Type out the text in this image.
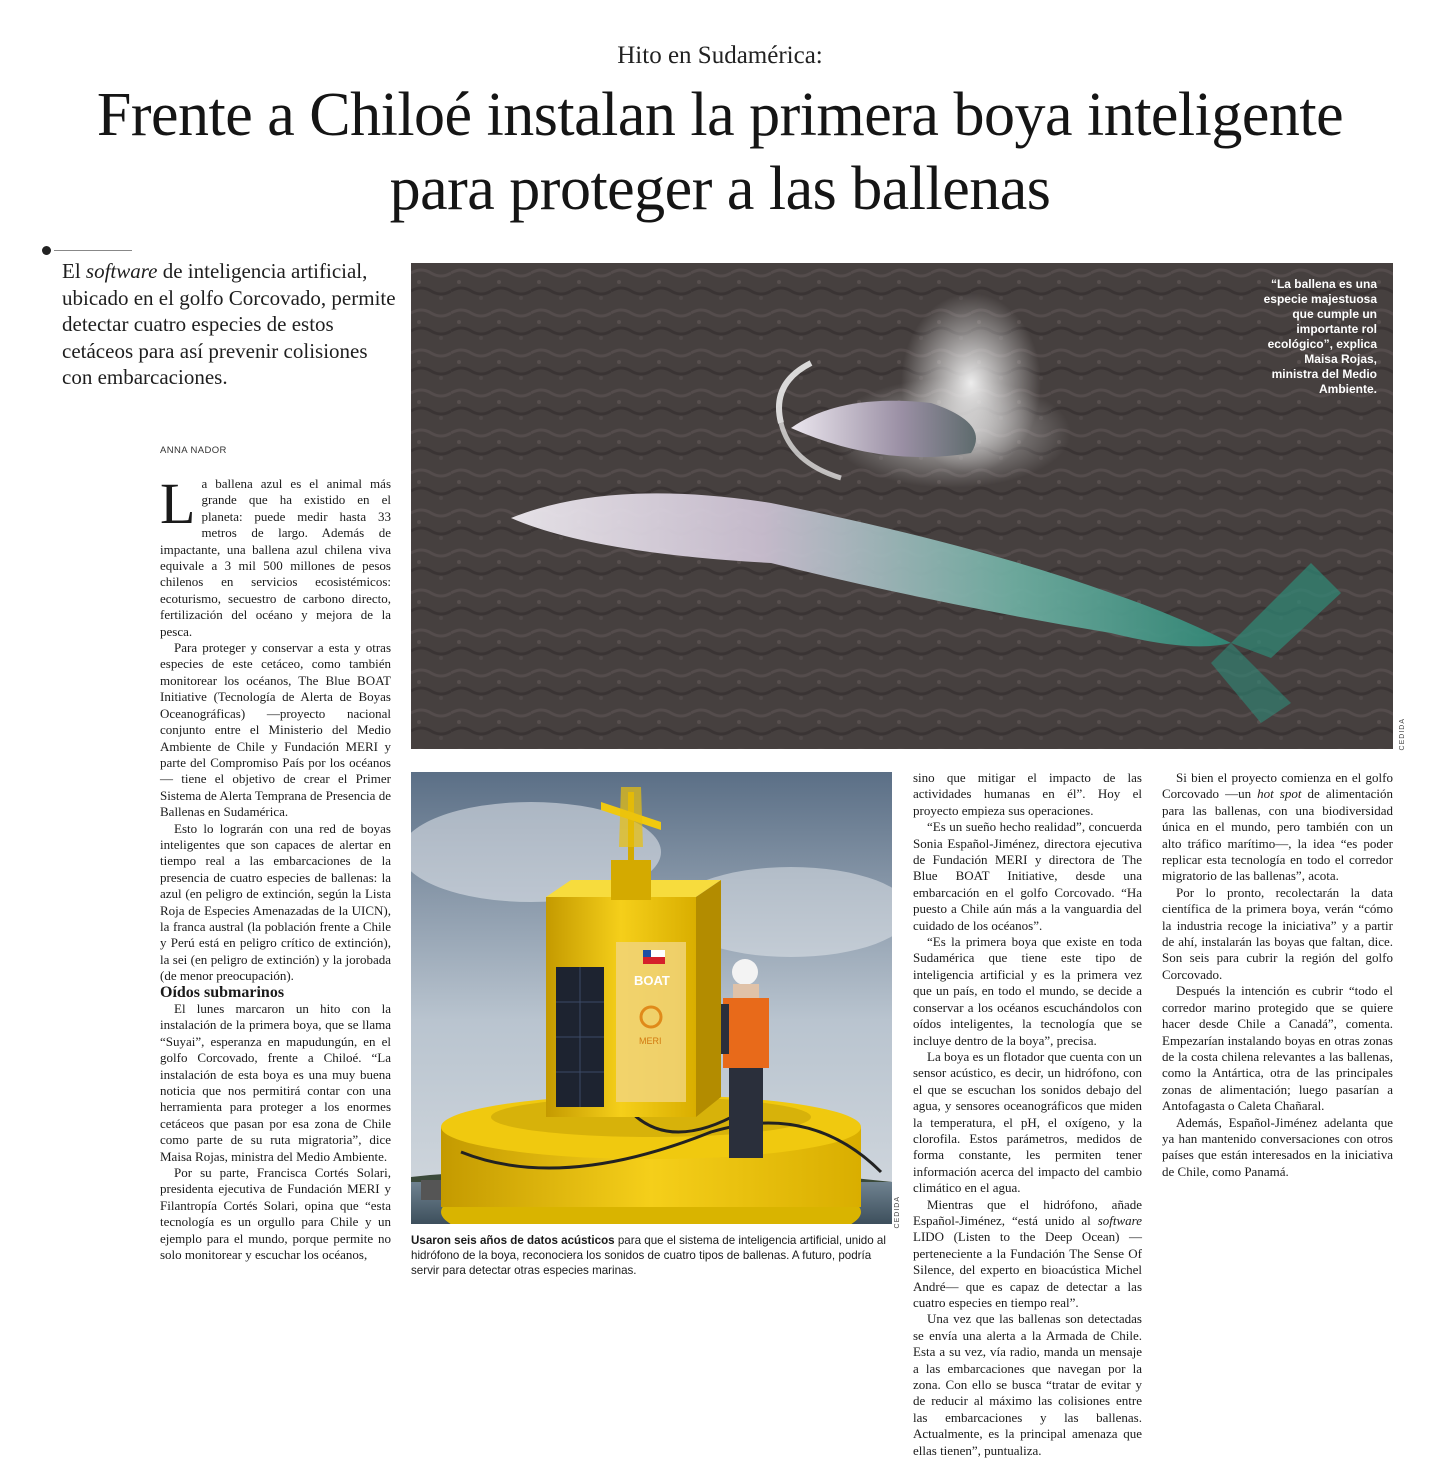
Hito en Sudamérica:
Frente a Chiloé instalan la primera boya inteligente para proteger a las ballenas
El software de inteligencia artificial, ubicado en el golfo Corcovado, permite detectar cuatro especies de estos cetáceos para así prevenir colisiones con embarcaciones.
ANNA NADOR

La ballena azul es el animal más grande que ha existido en el planeta: puede medir hasta 33 metros de largo. Además de impactante, una ballena azul chilena viva equivale a 3 mil 500 millones de pesos chilenos en servicios ecosistémicos: ecoturismo, secuestro de carbono directo, fertilización del océano y mejora de la pesca.

Para proteger y conservar a esta y otras especies de este cetáceo, como también monitorear los océanos, The Blue BOAT Initiative (Tecnología de Alerta de Boyas Oceanográficas) —proyecto nacional conjunto entre el Ministerio del Medio Ambiente de Chile y Fundación MERI y parte del Compromiso País por los océanos— tiene el objetivo de crear el Primer Sistema de Alerta Temprana de Presencia de Ballenas en Sudamérica.

Esto lo lograrán con una red de boyas inteligentes que son capaces de alertar en tiempo real a las embarcaciones de la presencia de cuatro especies de ballenas: la azul (en peligro de extinción, según la Lista Roja de Especies Amenazadas de la UICN), la franca austral (la población frente a Chile y Perú está en peligro crítico de extinción), la sei (en peligro de extinción) y la jorobada (de menor preocupación).

Oídos submarinos

El lunes marcaron un hito con la instalación de la primera boya, que se llama “Suyai”, esperanza en mapudungún, en el golfo Corcovado, frente a Chiloé. “La instalación de esta boya es una muy buena noticia que nos permitirá contar con una herramienta para proteger a los enormes cetáceos que pasan por esa zona de Chile como parte de su ruta migratoria”, dice Maisa Rojas, ministra del Medio Ambiente.

Por su parte, Francisca Cortés Solari, presidenta ejecutiva de Fundación MERI y Filantropía Cortés Solari, opina que “esta tecnología es un orgullo para Chile y un ejemplo para el mundo, porque permite no solo monitorear y escuchar los océanos,

“La ballena es una especie majestuosa que cumple un importante rol ecológico”, explica Maisa Rojas, ministra del Medio Ambiente.
CEDIDA
BOAT
MERI
CEDIDA
Usaron seis años de datos acústicos para que el sistema de inteligencia artificial, unido al hidrófono de la boya, reconociera los sonidos de cuatro tipos de ballenas. A futuro, podría servir para detectar otras especies marinas.

sino que mitigar el impacto de las actividades humanas en él”. Hoy el proyecto empieza sus operaciones.

“Es un sueño hecho realidad”, concuerda Sonia Español-Jiménez, directora ejecutiva de Fundación MERI y directora de The Blue BOAT Initiative, desde una embarcación en el golfo Corcovado. “Ha puesto a Chile aún más a la vanguardia del cuidado de los océanos”.

“Es la primera boya que existe en toda Sudamérica que tiene este tipo de inteligencia artificial y es la primera vez que un país, en todo el mundo, se decide a conservar a los océanos escuchándolos con oídos inteligentes, la tecnología que se incluye dentro de la boya”, precisa.

La boya es un flotador que cuenta con un sensor acústico, es decir, un hidrófono, con el que se escuchan los sonidos debajo del agua, y sensores oceanográficos que miden la temperatura, el pH, el oxígeno, y la clorofila. Estos parámetros, medidos de forma constante, les permiten tener información acerca del impacto del cambio climático en el agua.

Mientras que el hidrófono, añade Español-Jiménez, “está unido al software LIDO (Listen to the Deep Ocean) —perteneciente a la Fundación The Sense Of Silence, del experto en bioacústica Michel André— que es capaz de detectar a las cuatro especies en tiempo real”.

Una vez que las ballenas son detectadas se envía una alerta a la Armada de Chile. Esta a su vez, vía radio, manda un mensaje a las embarcaciones que navegan por la zona. Con ello se busca “tratar de evitar y de reducir al máximo las colisiones entre las embarcaciones y las ballenas. Actualmente, es la principal amenaza que ellas tienen”, puntualiza.

Si bien el proyecto comienza en el golfo Corcovado —un hot spot de alimentación para las ballenas, con una biodiversidad única en el mundo, pero también con un alto tráfico marítimo—, la idea “es poder replicar esta tecnología en todo el corredor migratorio de las ballenas”, acota.

Por lo pronto, recolectarán la data científica de la primera boya, verán “cómo la industria recoge la iniciativa” y a partir de ahí, instalarán las boyas que faltan, dice. Son seis para cubrir la región del golfo Corcovado.

Después la intención es cubrir “todo el corredor marino protegido que se quiere hacer desde Chile a Canadá”, comenta. Empezarían instalando boyas en otras zonas de la costa chilena relevantes a las ballenas, como la Antártica, otra de las principales zonas de alimentación; luego pasarían a Antofagasta o Caleta Chañaral.

Además, Español-Jiménez adelanta que ya han mantenido conversaciones con otros países que están interesados en la iniciativa de Chile, como Panamá.
